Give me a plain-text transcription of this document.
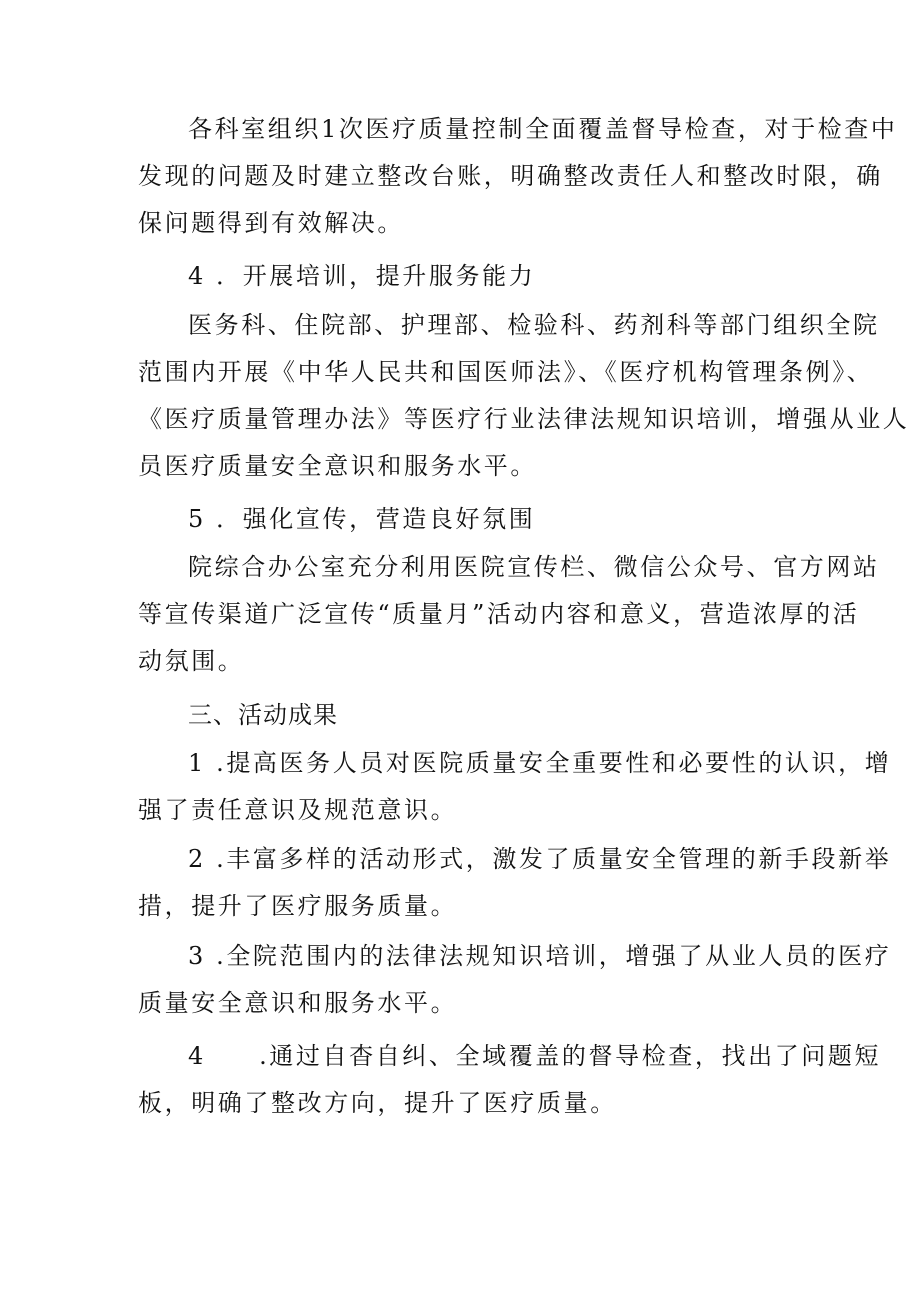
各科室组织1次医疗质量控制全面覆盖督导检查，对于检查中
发现的问题及时建立整改台账，明确整改责任人和整改时限，确
保问题得到有效解决。
4 ．开展培训，提升服务能力
医务科、住院部、护理部、检验科、药剂科等部门组织全院
范围内开展《中华人民共和国医师法》、《医疗机构管理条例》、
《医疗质量管理办法》等医疗行业法律法规知识培训，增强从业人
员医疗质量安全意识和服务水平。
5 ．强化宣传，营造良好氛围
院综合办公室充分利用医院宣传栏、微信公众号、官方网站
等宣传渠道广泛宣传“质量月”活动内容和意义，营造浓厚的活
动氛围。
三、活动成果
1 .提高医务人员对医院质量安全重要性和必要性的认识，增
强了责任意识及规范意识。
2 .丰富多样的活动形式，激发了质量安全管理的新手段新举
措，提升了医疗服务质量。
3 .全院范围内的法律法规知识培训，增强了从业人员的医疗
质量安全意识和服务水平。
4　　.通过自杳自纠、全域覆盖的督导检查，找出了问题短
板，明确了整改方向，提升了医疗质量。
